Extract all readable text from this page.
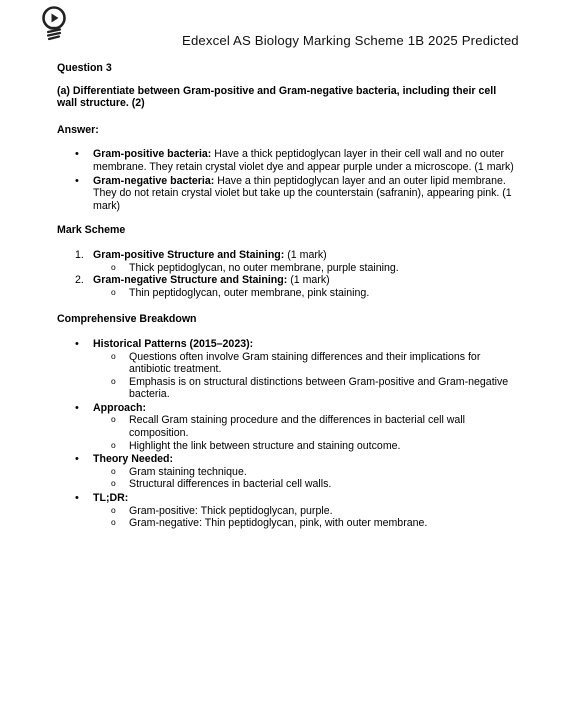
Edexcel AS Biology Marking Scheme 1B 2025 Predicted
Question 3
(a) Differentiate between Gram-positive and Gram-negative bacteria, including their cell wall structure. (2)
Answer:
• Gram-positive bacteria: Have a thick peptidoglycan layer in their cell wall and no outer membrane. They retain crystal violet dye and appear purple under a microscope. (1 mark)
• Gram-negative bacteria: Have a thin peptidoglycan layer and an outer lipid membrane. They do not retain crystal violet but take up the counterstain (safranin), appearing pink. (1 mark)
Mark Scheme
1. Gram-positive Structure and Staining: (1 mark)
o Thick peptidoglycan, no outer membrane, purple staining.
2. Gram-negative Structure and Staining: (1 mark)
o Thin peptidoglycan, outer membrane, pink staining.
Comprehensive Breakdown
• Historical Patterns (2015–2023):
o Questions often involve Gram staining differences and their implications for antibiotic treatment.
o Emphasis is on structural distinctions between Gram-positive and Gram-negative bacteria.
• Approach:
o Recall Gram staining procedure and the differences in bacterial cell wall composition.
o Highlight the link between structure and staining outcome.
• Theory Needed:
o Gram staining technique.
o Structural differences in bacterial cell walls.
• TL;DR:
o Gram-positive: Thick peptidoglycan, purple.
o Gram-negative: Thin peptidoglycan, pink, with outer membrane.
